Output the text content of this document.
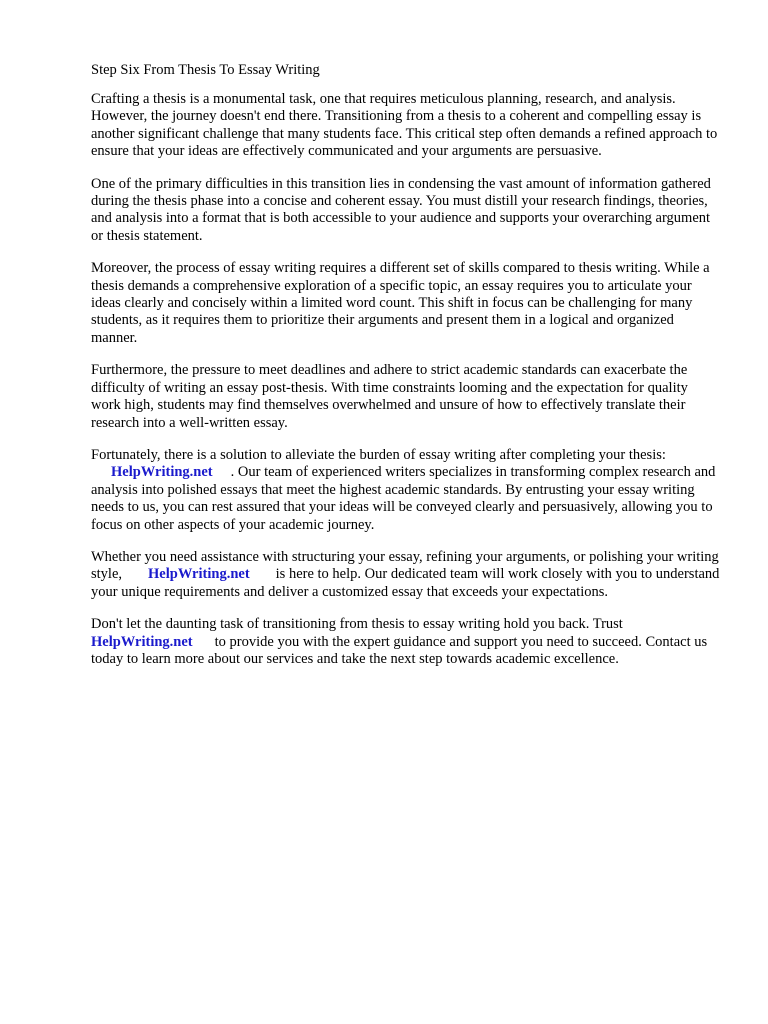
Step Six From Thesis To Essay Writing

Crafting a thesis is a monumental task, one that requires meticulous planning, research, and analysis. However, the journey doesn't end there. Transitioning from a thesis to a coherent and compelling essay is another significant challenge that many students face. This critical step often demands a refined approach to ensure that your ideas are effectively communicated and your arguments are persuasive.

One of the primary difficulties in this transition lies in condensing the vast amount of information gathered during the thesis phase into a concise and coherent essay. You must distill your research findings, theories, and analysis into a format that is both accessible to your audience and supports your overarching argument or thesis statement.

Moreover, the process of essay writing requires a different set of skills compared to thesis writing. While a thesis demands a comprehensive exploration of a specific topic, an essay requires you to articulate your ideas clearly and concisely within a limited word count. This shift in focus can be challenging for many students, as it requires them to prioritize their arguments and present them in a logical and organized manner.

Furthermore, the pressure to meet deadlines and adhere to strict academic standards can exacerbate the difficulty of writing an essay post-thesis. With time constraints looming and the expectation for quality work high, students may find themselves overwhelmed and unsure of how to effectively translate their research into a well-written essay.

Fortunately, there is a solution to alleviate the burden of essay writing after completing your thesis:
HelpWriting.net . Our team of experienced writers specializes in transforming complex research and analysis into polished essays that meet the highest academic standards. By entrusting your essay writing needs to us, you can rest assured that your ideas will be conveyed clearly and persuasively, allowing you to focus on other aspects of your academic journey.

Whether you need assistance with structuring your essay, refining your arguments, or polishing your writing style, HelpWriting.net is here to help. Our dedicated team will work closely with you to understand your unique requirements and deliver a customized essay that exceeds your expectations.

Don't let the daunting task of transitioning from thesis to essay writing hold you back. Trust
HelpWriting.net to provide you with the expert guidance and support you need to succeed. Contact us today to learn more about our services and take the next step towards academic excellence.
